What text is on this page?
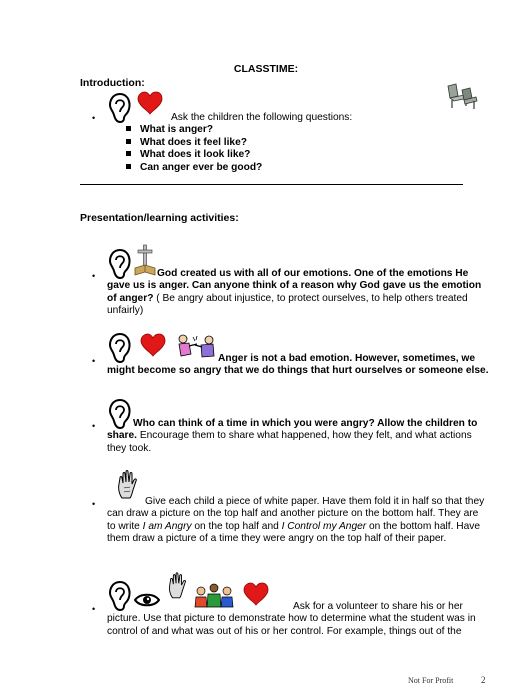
CLASSTIME:
Introduction:
•	Ask the children the following questions:
What is anger?
What does it feel like?
What does it look like?
Can anger ever be good?
Presentation/learning activities:
•	God created us with all of our emotions. One of the emotions He gave us is anger. Can anyone think of a reason why God gave us the emotion of anger? ( Be angry about injustice, to protect ourselves, to help others treated unfairly)
•	Anger is not a bad emotion. However, sometimes, we might become so angry that we do things that hurt ourselves or someone else.
•	Who can think of a time in which you were angry? Allow the children to share. Encourage them to share what happened, how they felt, and what actions they took.
•	Give each child a piece of white paper. Have them fold it in half so that they can draw a picture on the top half and another picture on the bottom half. They are to write I am Angry on the top half and I Control my Anger on the bottom half. Have them draw a picture of a time they were angry on the top half of their paper.
•	Ask for a volunteer to share his or her picture. Use that picture to demonstrate how to determine what the student was in control of and what was out of his or her control. For example, things out of the
Not For Profit	2
